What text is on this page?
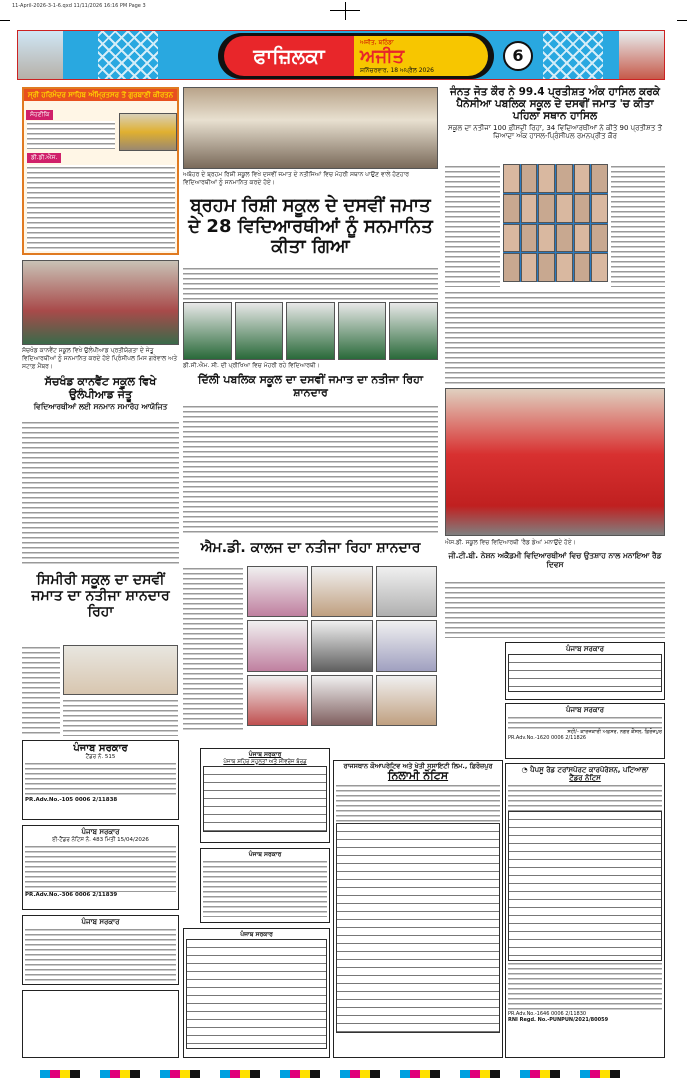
11-April-2026-3-1-6.qxd 11/11/2026 16:16 PM Page 3
ਫਾਜ਼ਿਲਕਾ
ਅਜੀਤ, ਬਠਿੰਡਾ
ਅਜੀਤ
ਸ਼ਨਿੱਚਰਵਾਰ, 18 ਅਪ੍ਰੈਲ 2026
6
ਸ੍ਰੀ ਹਰਿਮੰਦਰ ਸਾਹਿਬ ਅੰਮ੍ਰਿਤਸਰ ਤੋਂ ਗੁਰਬਾਣੀ ਕੀਰਤਨ
ਸੋਹਣੀਕਿ
ਡੀ.ਡੀ.ਐਸ.
ਸੱਚਖੰਡ ਕਾਨਵੈਂਟ ਸਕੂਲ ਵਿਖੇ ਉਲੰਪੀਆਡ ਪ੍ਰਤੀਯੋਗਤਾ ਦੇ ਜੇਤੂ ਵਿਦਿਆਰਥੀਆਂ ਨੂੰ ਸਨਮਾਨਿਤ ਕਰਦੇ ਹੋਏ ਪ੍ਰਿੰਸੀਪਲ ਮਿਸ ਗਰੇਵਾਲ ਅਤੇ ਸਟਾਫ਼ ਮੈਂਬਰ।
ਸੱਚਖੰਡ ਕਾਨਵੈਂਟ ਸਕੂਲ ਵਿਖੇ ਉਲੰਪੀਆਡ ਜੇਤੂ
ਵਿਦਿਆਰਥੀਆਂ ਲਈ ਸਨਮਾਨ ਸਮਾਰੋਹ ਆਯੋਜਿਤ
ਸਿਮੀਰੀ ਸਕੂਲ ਦਾ ਦਸਵੀਂ ਜਮਾਤ ਦਾ ਨਤੀਜਾ ਸ਼ਾਨਦਾਰ ਰਿਹਾ
ਪੰਜਾਬ ਸਰਕਾਰ
ਟੈਂਡਰ ਨੰ. 515
PR.Adv.No.-105 0006 2/11838
ਪੰਜਾਬ ਸਰਕਾਰ
ਈ-ਟੈਂਡਰ ਨੋਟਿਸ ਨੰ. 483 ਮਿਤੀ 15/04/2026
PR.Adv.No.-306 0006 2/11839
ਪੰਜਾਬ ਸਰਕਾਰ
ਅਬੋਹਰ ਦੇ ਬ੍ਰਹਮ ਰਿਸ਼ੀ ਸਕੂਲ ਵਿਖੇ ਦਸਵੀਂ ਜਮਾਤ ਦੇ ਨਤੀਜਿਆਂ ਵਿਚ ਮੋਹਰੀ ਸਥਾਨ ਪਾਉਣ ਵਾਲੇ ਹੋਣਹਾਰ ਵਿਦਿਆਰਥੀਆਂ ਨੂੰ ਸਨਮਾਨਿਤ ਕਰਦੇ ਹੋਏ।
ਬ੍ਰਹਮ ਰਿਸ਼ੀ ਸਕੂਲ ਦੇ ਦਸਵੀਂ ਜਮਾਤ ਦੇ 28 ਵਿਦਿਆਰਥੀਆਂ ਨੂੰ ਸਨਮਾਨਿਤ ਕੀਤਾ ਗਿਆ
ਡੀ.ਸੀ.ਐਮ. ਸੀ. ਦੀ ਪ੍ਰੀਖਿਆ ਵਿਚ ਮੋਹਰੀ ਰਹੇ ਵਿਦਿਆਰਥੀ।
ਦਿੱਲੀ ਪਬਲਿਕ ਸਕੂਲ ਦਾ ਦਸਵੀਂ ਜਮਾਤ ਦਾ ਨਤੀਜਾ ਰਿਹਾ ਸ਼ਾਨਦਾਰ
ਐਮ.ਡੀ. ਕਾਲਜ ਦਾ ਨਤੀਜਾ ਰਿਹਾ ਸ਼ਾਨਦਾਰ
ਪੰਜਾਬ ਸਰਕਾਰ
ਪੰਜਾਬ ਸ਼ਹਿਰ ਸਹੂਲਤਾਂ ਅਤੇ ਸੀਵਰੇਜ ਬੋਰਡ
ਪੰਜਾਬ ਸਰਕਾਰ
ਪੰਜਾਬ ਸਰਕਾਰ
ਰਾਜਸਥਾਨ ਕੋਆਪਰੇਟਿਵ ਅਤੇ ਖੇਤੀ ਸੁਸਾਇਟੀ ਲਿਮ., ਫ਼ਿਰੋਜ਼ਪੁਰ
ਨਿਲਾਮੀ ਨੋਟਿਸ
ਜੰਨਤ ਜੋਤ ਕੌਰ ਨੇ 99.4 ਪ੍ਰਤੀਸ਼ਤ ਅੰਕ ਹਾਸਿਲ ਕਰਕੇ ਪੈਨੇਸੀਆ ਪਬਲਿਕ ਸਕੂਲ ਦੇ ਦਸਵੀਂ ਜਮਾਤ 'ਚ ਕੀਤਾ ਪਹਿਲਾ ਸਥਾਨ ਹਾਸਿਲ
ਸਕੂਲ ਦਾ ਨਤੀਜਾ 100 ਫ਼ੀਸਦੀ ਰਿਹਾ, 34 ਵਿਦਿਆਰਥੀਆਂ ਨੇ ਕੀਤੇ 90 ਪ੍ਰਤੀਸ਼ਤ ਤੋਂ ਜ਼ਿਆਦਾ ਅੰਕ ਹਾਸਲ-ਪ੍ਰਿੰਸੀਪਲ ਰਮਨਪ੍ਰੀਤ ਕੌਰ
ਐਸ.ਡੀ. ਸਕੂਲ ਵਿਚ ਵਿਦਿਆਰਥੀ 'ਰੈਡ ਡੇਅ' ਮਨਾਉਂਦੇ ਹੋਏ।
ਜੀ.ਟੀ.ਬੀ. ਨੇਸ਼ਨ ਅਕੈਡਮੀ ਵਿਦਿਆਰਥੀਆਂ ਵਿਚ ਉਤਸ਼ਾਹ ਨਾਲ ਮਨਾਇਆ ਰੈਡ ਦਿਵਸ
ਪੰਜਾਬ ਸਰਕਾਰ
ਪੰਜਾਬ ਸਰਕਾਰ
ਸਹੀ/- ਕਾਰਜਕਾਰੀ ਅਫ਼ਸਰ, ਨਗਰ ਕੌਂਸਲ, ਫ਼ਿਰੋਜ਼ਪੁਰ
PR.Adv.No.-1620 0006 2/11826
◔ ਪੈਪਸੂ ਰੋਡ ਟਰਾਂਸਪੋਰਟ ਕਾਰਪੋਰੇਸ਼ਨ, ਪਟਿਆਲਾ
ਟੈਂਡਰ ਨੋਟਿਸ
PR.Adv.No.-1646 0006 2/11830
RNI Regd. No.-PUNPUN/2021/80059
